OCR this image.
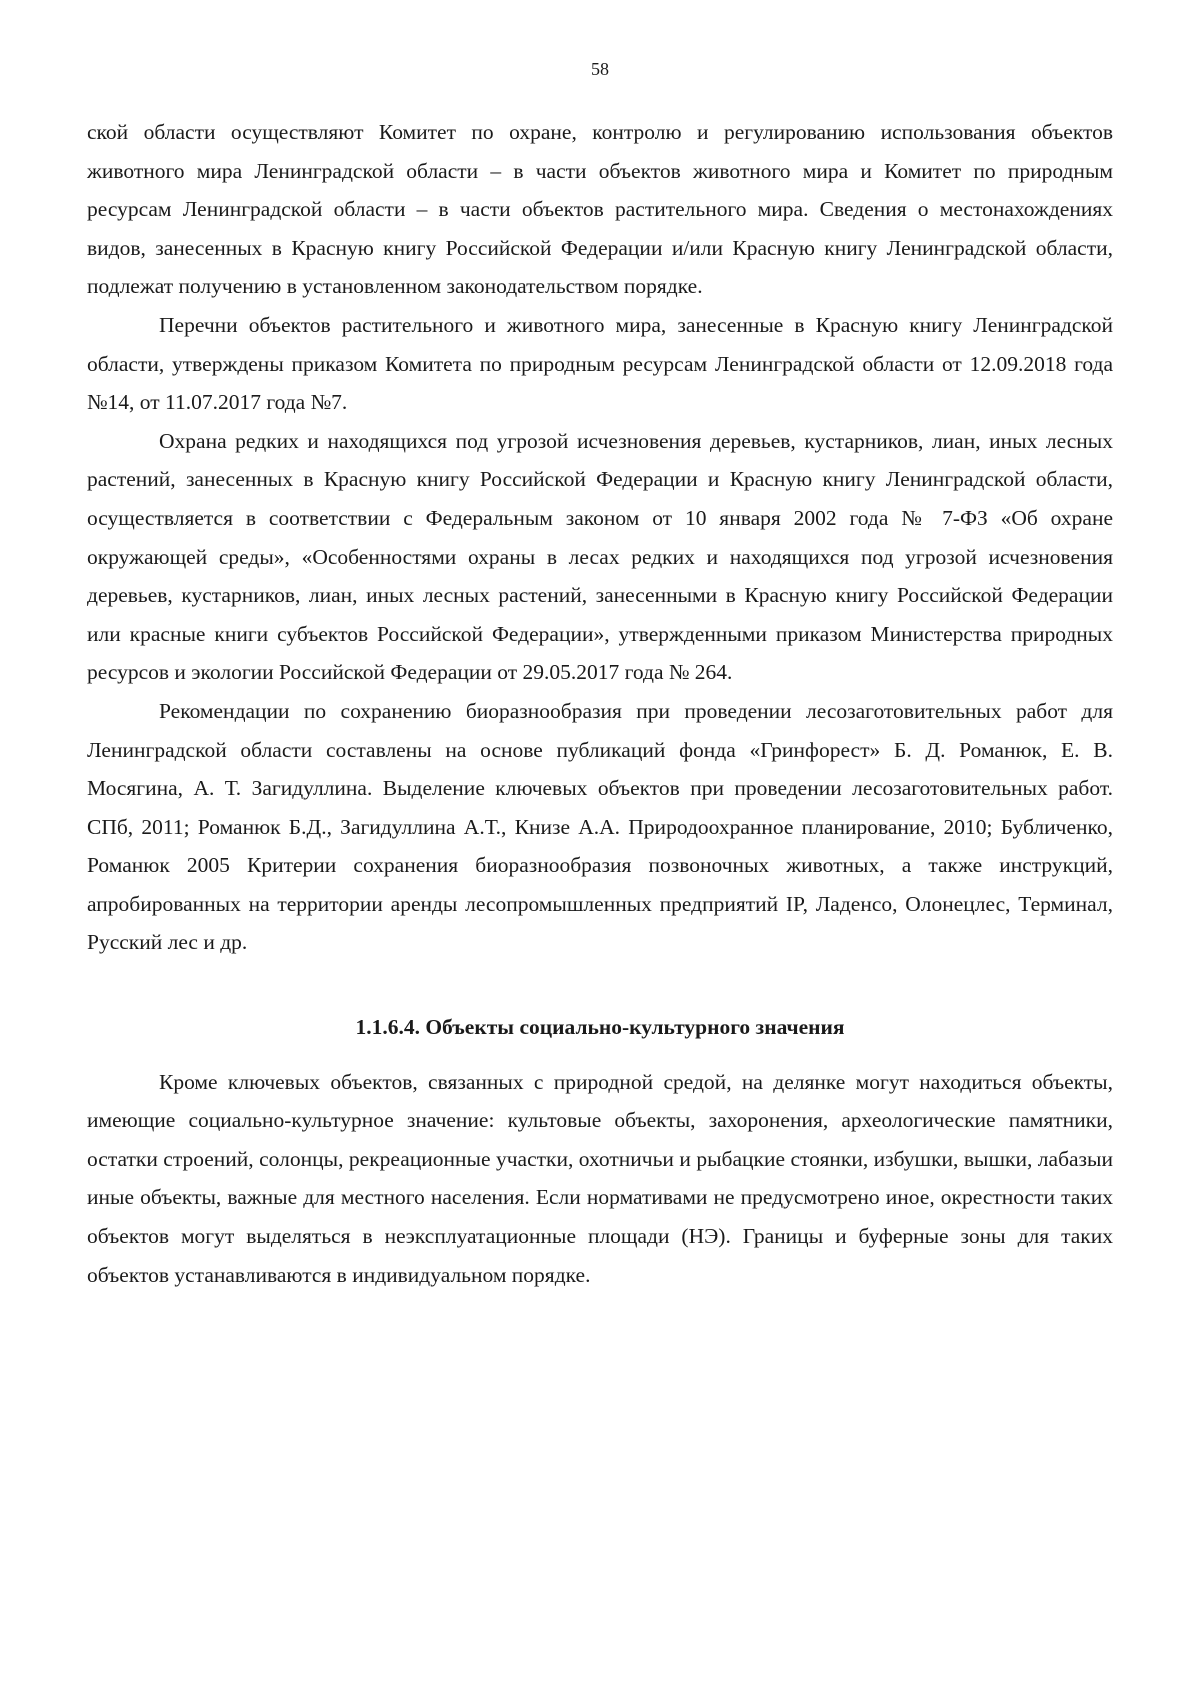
58

ской области осуществляют Комитет по охране, контролю и регулированию использования объектов животного мира Ленинградской области – в части объектов животного мира и Комитет по природным ресурсам Ленинградской области – в части объектов растительного мира. Сведения о местонахождениях видов, занесенных в Красную книгу Российской Федерации и/или Красную книгу Ленинградской области, подлежат получению в установленном законодательством порядке.

Перечни объектов растительного и животного мира, занесенные в Красную книгу Ленинградской области, утверждены приказом Комитета по природным ресурсам Ленинградской области от 12.09.2018 года №14, от 11.07.2017 года №7.

Охрана редких и находящихся под угрозой исчезновения деревьев, кустарников, лиан, иных лесных растений, занесенных в Красную книгу Российской Федерации и Красную книгу Ленинградской области, осуществляется в соответствии с Федеральным законом от 10 января 2002 года № 7-ФЗ «Об охране окружающей среды», «Особенностями охраны в лесах редких и находящихся под угрозой исчезновения деревьев, кустарников, лиан, иных лесных растений, занесенными в Красную книгу Российской Федерации или красные книги субъектов Российской Федерации», утвержденными приказом Министерства природных ресурсов и экологии Российской Федерации от 29.05.2017 года № 264.

Рекомендации по сохранению биоразнообразия при проведении лесозаготовительных работ для Ленинградской области составлены на основе публикаций фонда «Гринфорест» Б. Д. Романюк, Е. В. Мосягина, А. Т. Загидуллина. Выделение ключевых объектов при проведении лесозаготовительных работ. СПб, 2011; Романюк Б.Д., Загидуллина А.Т., Книзе А.А. Природоохранное планирование, 2010; Бубличенко, Романюк 2005 Критерии сохранения биоразнообразия позвоночных животных, а также инструкций, апробированных на территории аренды лесопромышленных предприятий IP, Ладенсо, Олонецлес, Терминал, Русский лес и др.

1.1.6.4. Объекты социально-культурного значения

Кроме ключевых объектов, связанных с природной средой, на делянке могут находиться объекты, имеющие социально-культурное значение: культовые объекты, захоронения, археологические памятники, остатки строений, солонцы, рекреационные участки, охотничьи и рыбацкие стоянки, избушки, вышки, лабазыи иные объекты, важные для местного населения. Если нормативами не предусмотрено иное, окрестности таких объектов могут выделяться в неэксплуатационные площади (НЭ). Границы и буферные зоны для таких объектов устанавливаются в индивидуальном порядке.
